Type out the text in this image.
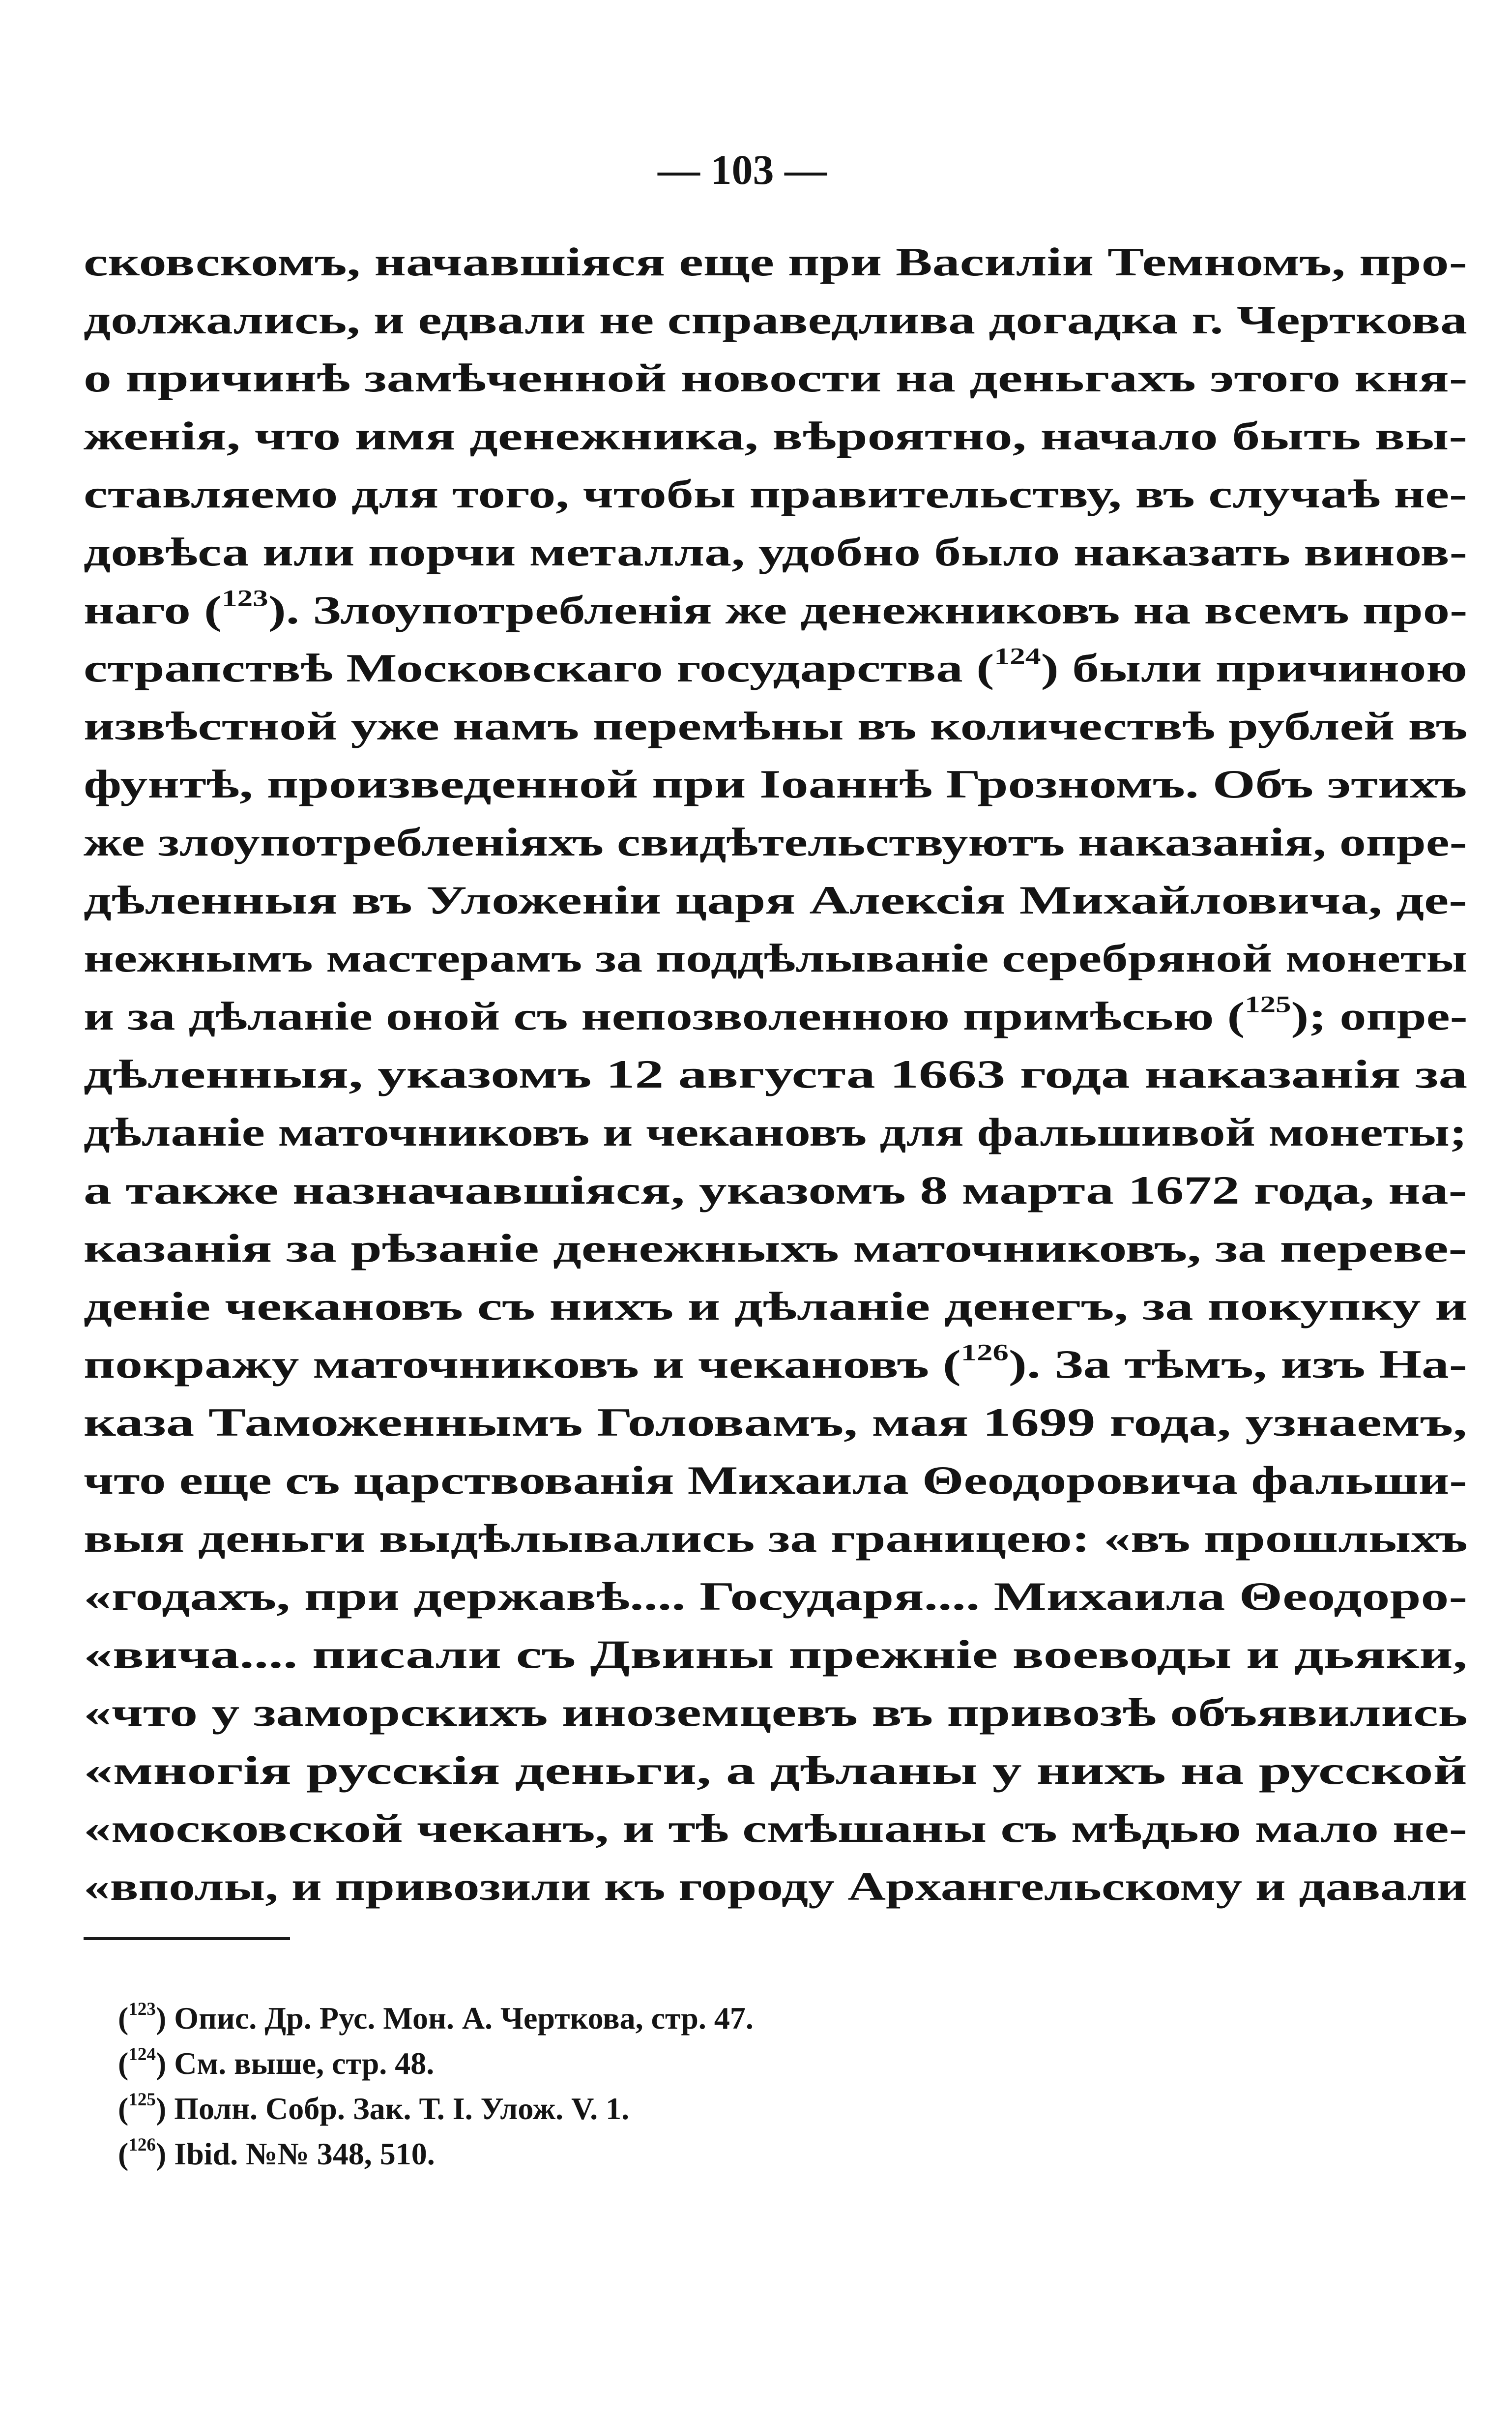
— 103 —
сковскомъ, начавшіяся еще при Василіи Темномъ, про-
должались, и едвали не справедлива догадка г. Черткова
о причинѣ замѣченной новости на деньгахъ этого кня-
женія, что имя денежника, вѣроятно, начало быть вы-
ставляемо для того, чтобы правительству, въ случаѣ не-
довѣса или порчи металла, удобно было наказать винов-
наго ($^{123}$). Злоупотребленія же денежниковъ на всемъ про-
страпствѣ Московскаго государства ($^{124}$) были причиною
извѣстной уже намъ перемѣны въ количествѣ рублей въ
фунтѣ, произведенной при Іоаннѣ Грозномъ. Объ этихъ
же злоупотребленіяхъ свидѣтельствуютъ наказанія, опре-
дѣленныя въ Уложеніи царя Алексія Михайловича, де-
нежнымъ мастерамъ за поддѣлываніе серебряной монеты
и за дѣланіе оной съ непозволенною примѣсью ($^{125}$); опре-
дѣленныя, указомъ 12 августа 1663 года наказанія за
дѣланіе маточниковъ и чекановъ для фальшивой монеты;
а также назначавшіяся, указомъ 8 марта 1672 года, на-
казанія за рѣзаніе денежныхъ маточниковъ, за переве-
деніе чекановъ съ нихъ и дѣланіе денегъ, за покупку и
покражу маточниковъ и чекановъ ($^{126}$). За тѣмъ, изъ На-
каза Таможеннымъ Головамъ, мая 1699 года, узнаемъ,
что еще съ царствованія Михаила Θеодоровича фальши-
выя деньги выдѣлывались за границею: «въ прошлыхъ
«годахъ, при державѣ.... Государя.... Михаила Θеодоро-
«вича.... писали съ Двины прежніе воеводы и дьяки,
«что у заморскихъ иноземцевъ въ привозѣ объявились
«многія русскія деньги, а дѣланы у нихъ на русской
«московской чеканъ, и тѣ смѣшаны съ мѣдью мало не-
«вполы, и привозили къ городу Архангельскому и давали
($^{123}$) Опис. Др. Рус. Мон. А. Черткова, стр. 47.
($^{124}$) См. выше, стр. 48.
($^{125}$) Полн. Собр. Зак. Т. I. Улож. V. 1.
($^{126}$) Ibid. №№ 348, 510.
